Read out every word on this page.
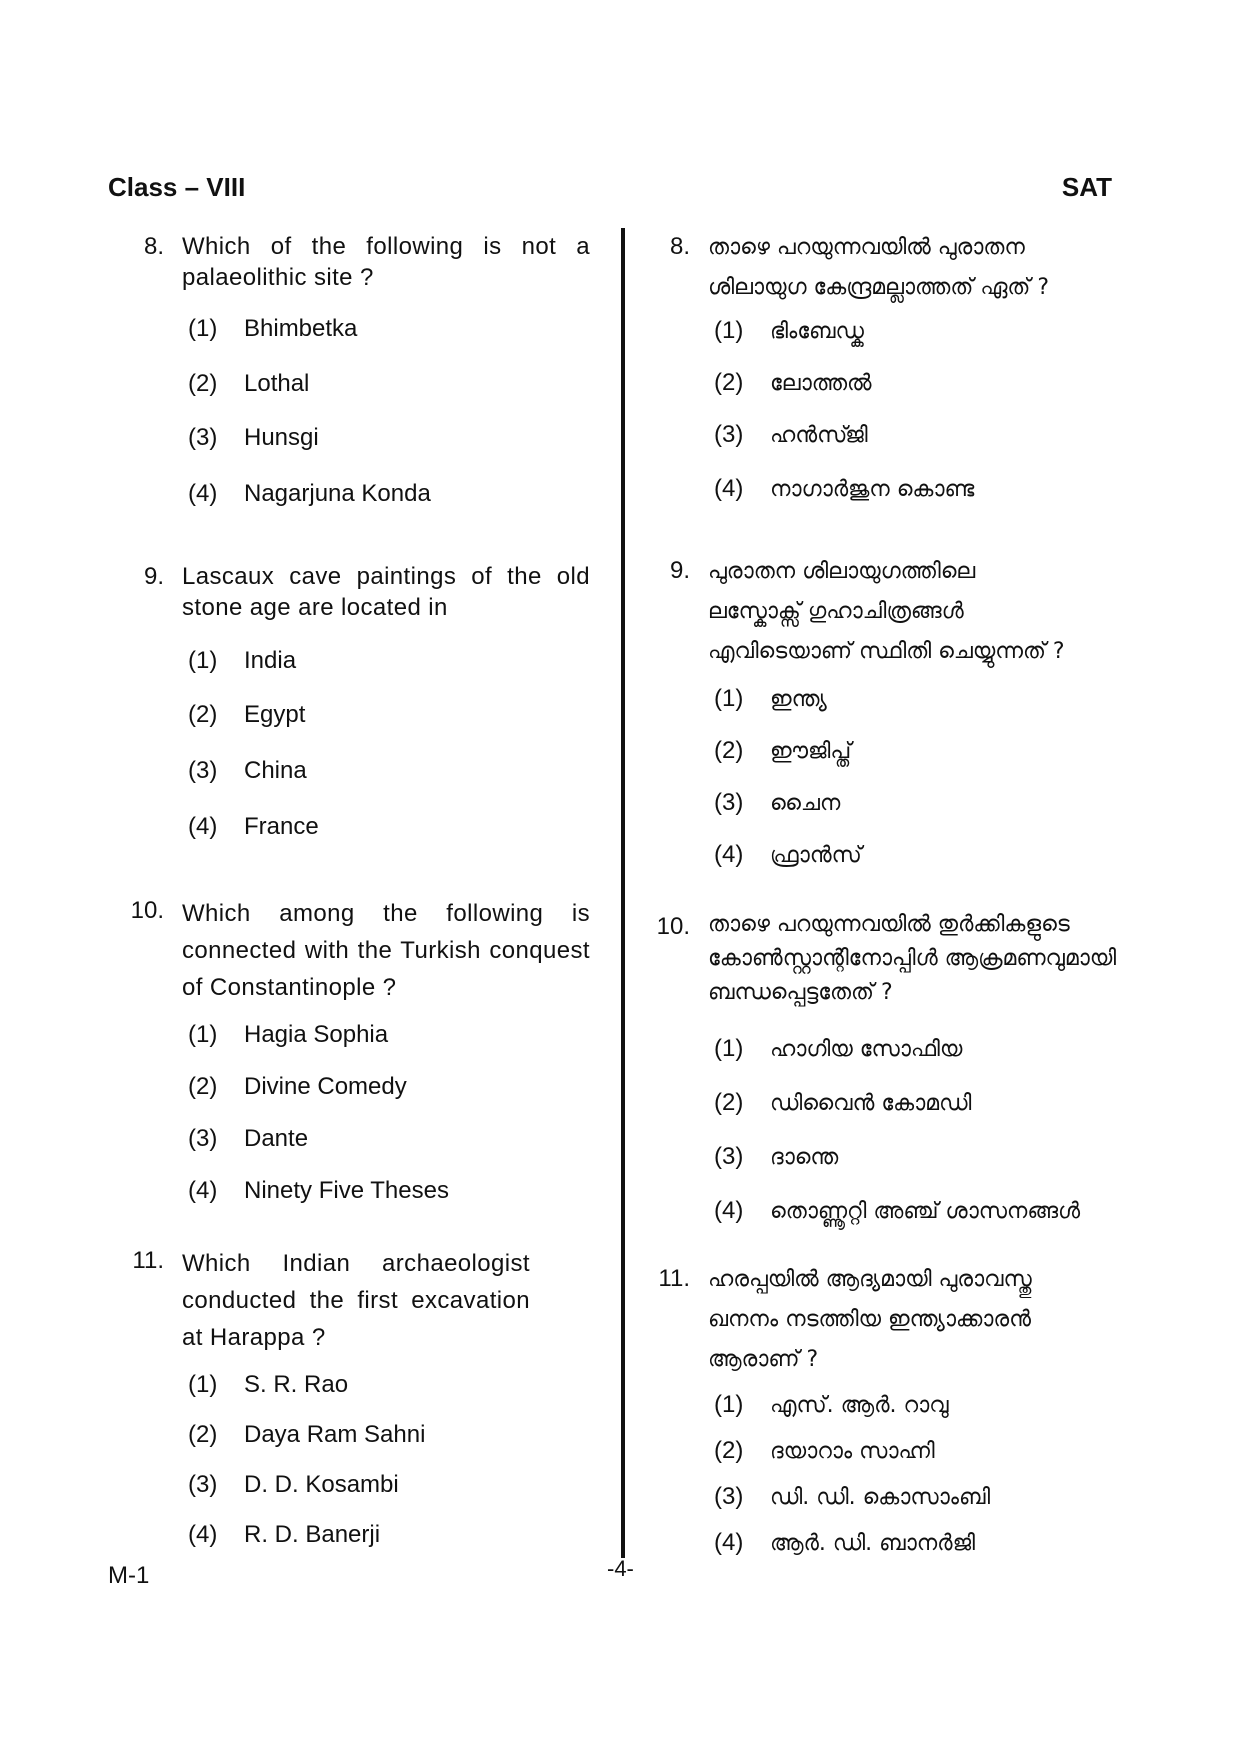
Class – VIII	SAT
8. Which of the following is not a palaeolithic site ?
(1) Bhimbetka
(2) Lothal
(3) Hunsgi
(4) Nagarjuna Konda
9. Lascaux cave paintings of the old stone age are located in
(1) India
(2) Egypt
(3) China
(4) France
10. Which among the following is connected with the Turkish conquest of Constantinople ?
(1) Hagia Sophia
(2) Divine Comedy
(3) Dante
(4) Ninety Five Theses
11. Which Indian archaeologist conducted the first excavation at Harappa ?
(1) S. R. Rao
(2) Daya Ram Sahni
(3) D. D. Kosambi
(4) R. D. Banerji
8. താഴെ പറയുന്നവയിൽ പുരാതന ശിലായുഗ കേന്ദ്രമല്ലാത്തത് ഏത് ?
(1) ഭിംബേഡ്ക
(2) ലോത്തൽ
(3) ഹൻസ്ജി
(4) നാഗാർജുന കൊണ്ട
9. പുരാതന ശിലായുഗത്തിലെ ലസ്കോക്സ് ഗുഹാചിത്രങ്ങൾ എവിടെയാണ് സ്ഥിതി ചെയ്യുന്നത് ?
(1) ഇന്ത്യ
(2) ഈജിപ്ത്
(3) ചൈന
(4) ഫ്രാൻസ്
10. താഴെ പറയുന്നവയിൽ തുർക്കികളുടെ കോൺസ്റ്റാന്റിനോപ്പിൾ ആക്രമണവുമായി ബന്ധപ്പെട്ടതേത് ?
(1) ഹാഗിയ സോഫിയ
(2) ഡിവൈൻ കോമഡി
(3) ദാന്തെ
(4) തൊണ്ണൂറ്റി അഞ്ച് ശാസനങ്ങൾ
11. ഹരപ്പയിൽ ആദ്യമായി പുരാവസ്തു ഖനനം നടത്തിയ ഇന്ത്യാക്കാരൻ ആരാണ് ?
(1) എസ്. ആർ. റാവു
(2) ദയാറാം സാഹ്നി
(3) ഡി. ഡി. കൊസാംബി
(4) ആർ. ഡി. ബാനർജി
M-1	-4-
